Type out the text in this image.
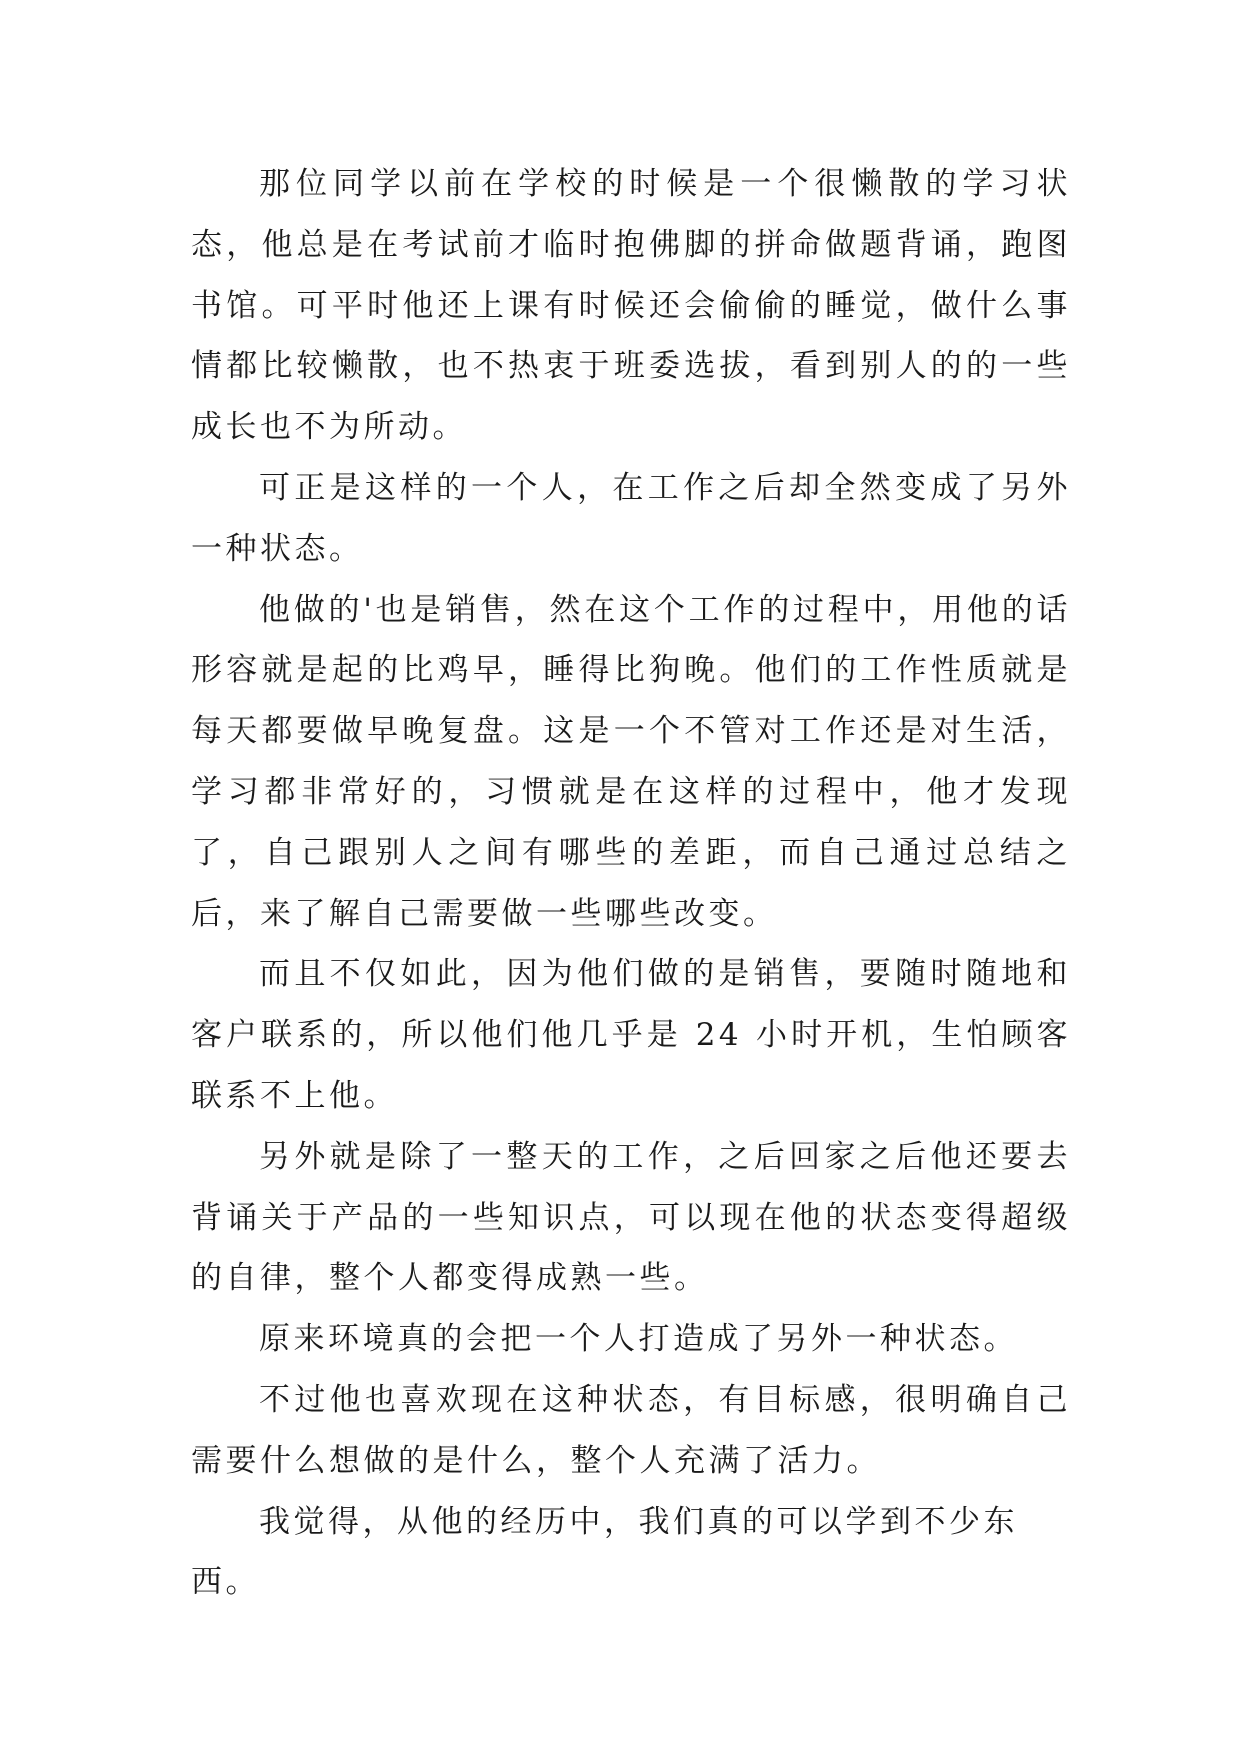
那位同学以前在学校的时候是一个很懒散的学习状态，他总是在考试前才临时抱佛脚的拼命做题背诵，跑图书馆。可平时他还上课有时候还会偷偷的睡觉，做什么事情都比较懒散，也不热衷于班委选拔，看到别人的的一些成长也不为所动。

可正是这样的一个人，在工作之后却全然变成了另外一种状态。

他做的'也是销售，然在这个工作的过程中，用他的话形容就是起的比鸡早，睡得比狗晚。他们的工作性质就是每天都要做早晚复盘。这是一个不管对工作还是对生活，学习都非常好的，习惯就是在这样的过程中，他才发现了，自己跟别人之间有哪些的差距，而自己通过总结之后，来了解自己需要做一些哪些改变。

而且不仅如此，因为他们做的是销售，要随时随地和客户联系的，所以他们他几乎是 24 小时开机，生怕顾客联系不上他。

另外就是除了一整天的工作，之后回家之后他还要去背诵关于产品的一些知识点，可以现在他的状态变得超级的自律，整个人都变得成熟一些。

原来环境真的会把一个人打造成了另外一种状态。

不过他也喜欢现在这种状态，有目标感，很明确自己需要什么想做的是什么，整个人充满了活力。

我觉得，从他的经历中，我们真的可以学到不少东西。
